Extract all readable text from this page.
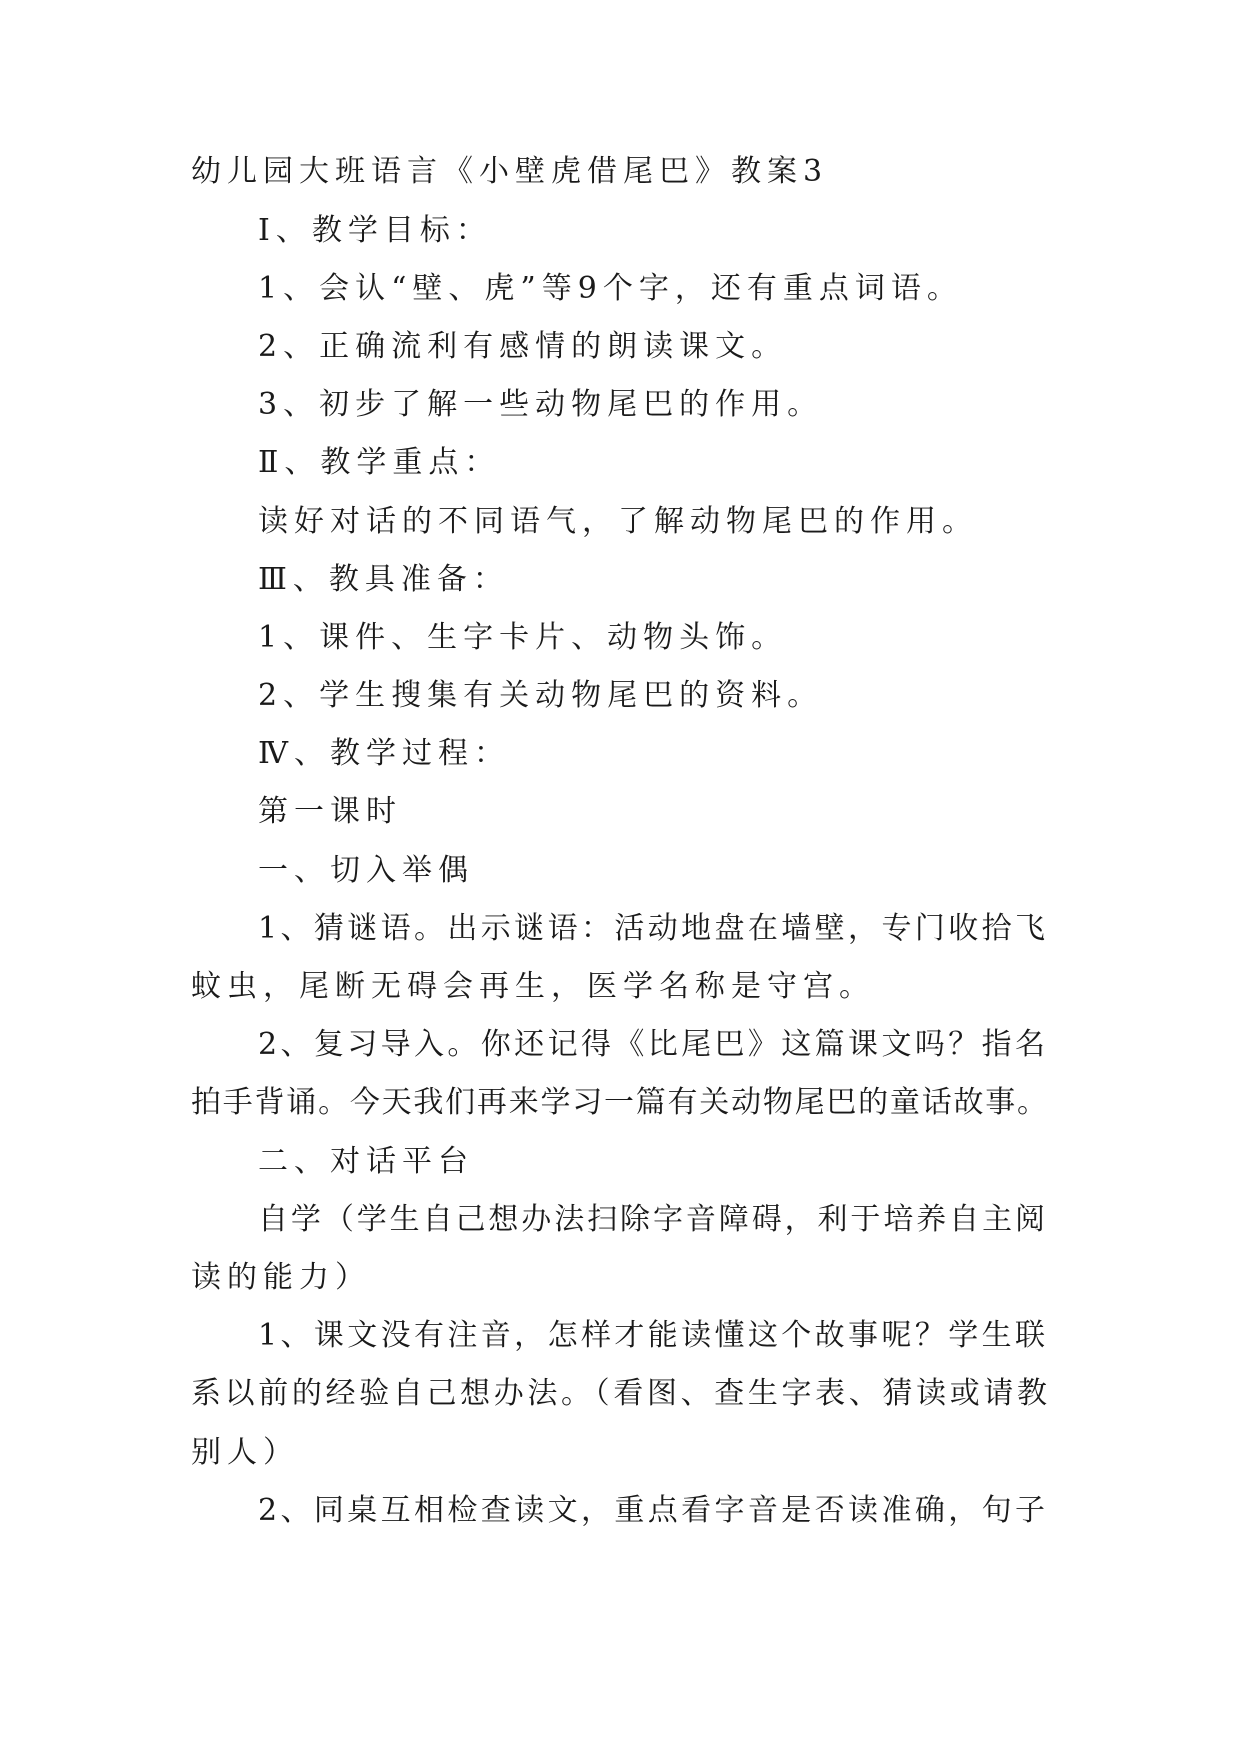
幼儿园大班语言《小壁虎借尾巴》教案3
Ⅰ、教学目标：
1、会认“壁、虎”等9个字，还有重点词语。
2、正确流利有感情的朗读课文。
3、初步了解一些动物尾巴的作用。
Ⅱ、教学重点：
读好对话的不同语气，了解动物尾巴的作用。
Ⅲ、教具准备：
1、课件、生字卡片、动物头饰。
2、学生搜集有关动物尾巴的资料。
Ⅳ、教学过程：
第一课时
一、切入举偶
1、猜谜语。出示谜语：活动地盘在墙壁，专门收拾飞
蚊虫，尾断无碍会再生，医学名称是守宫。
2、复习导入。你还记得《比尾巴》这篇课文吗？指名
拍手背诵。今天我们再来学习一篇有关动物尾巴的童话故事。
二、对话平台
自学（学生自己想办法扫除字音障碍，利于培养自主阅
读的能力）
1、课文没有注音，怎样才能读懂这个故事呢？学生联
系以前的经验自己想办法。（看图、查生字表、猜读或请教
别人）
2、同桌互相检查读文，重点看字音是否读准确，句子
